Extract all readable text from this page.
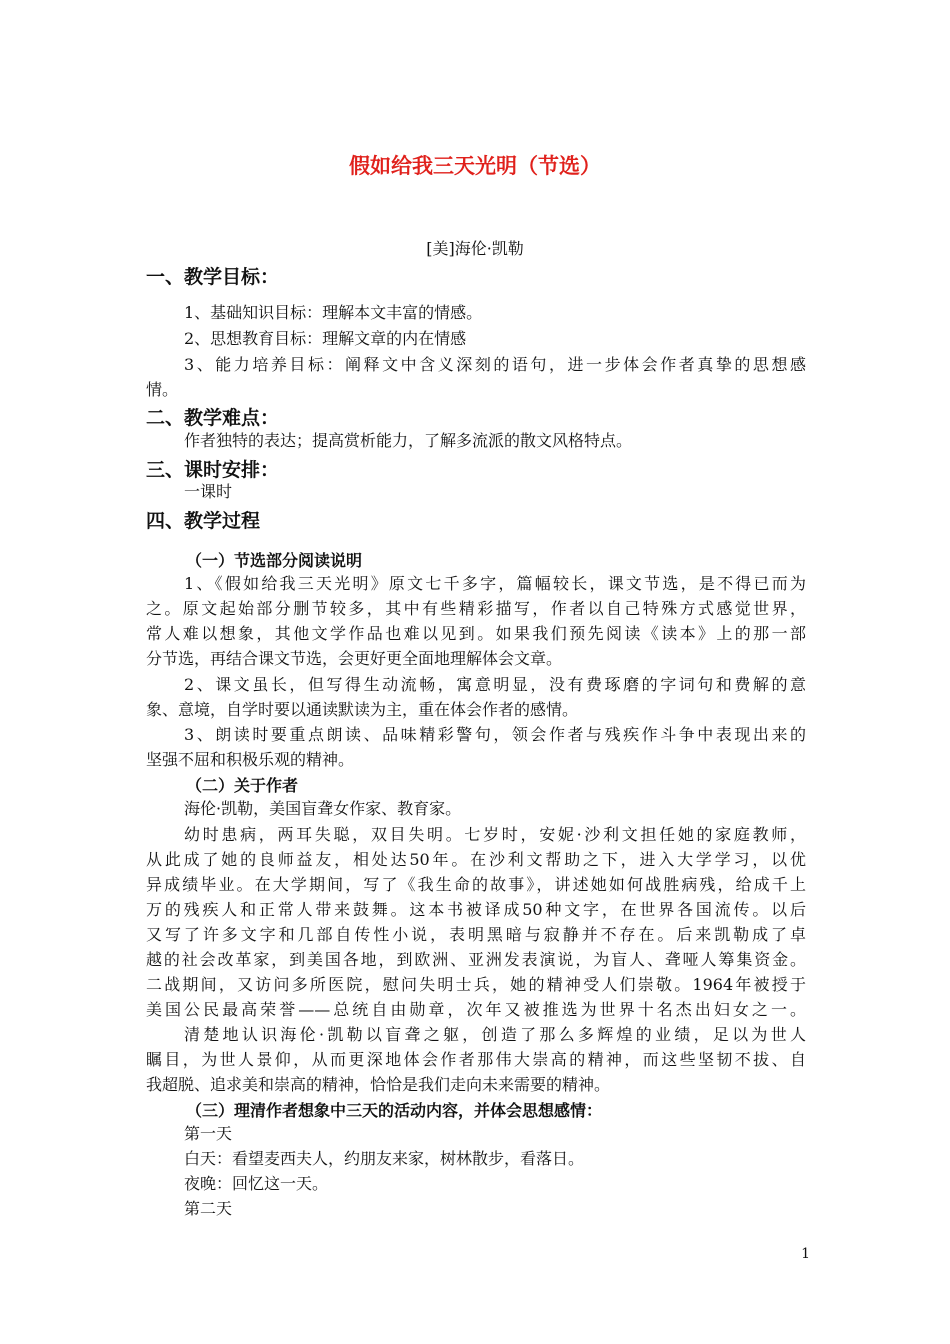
假如给我三天光明（节选）
[美]海伦·凯勒
一、教学目标：
1、基础知识目标：理解本文丰富的情感。
2、思想教育目标：理解文章的内在情感
3、能力培养目标：阐释文中含义深刻的语句，进一步体会作者真挚的思想感
情。
二、教学难点：
作者独特的表达；提高赏析能力，了解多流派的散文风格特点。
三、课时安排：
一课时
四、教学过程
（一）节选部分阅读说明
1、《假如给我三天光明》原文七千多字，篇幅较长，课文节选，是不得已而为
之。原文起始部分删节较多，其中有些精彩描写，作者以自己特殊方式感觉世界，
常人难以想象，其他文学作品也难以见到。如果我们预先阅读《读本》上的那一部
分节选，再结合课文节选，会更好更全面地理解体会文章。
2、课文虽长，但写得生动流畅，寓意明显，没有费琢磨的字词句和费解的意
象、意境，自学时要以通读默读为主，重在体会作者的感情。
3、朗读时要重点朗读、品味精彩警句，领会作者与残疾作斗争中表现出来的
坚强不屈和积极乐观的精神。
（二）关于作者
海伦·凯勒，美国盲聋女作家、教育家。
幼时患病，两耳失聪，双目失明。七岁时，安妮·沙利文担任她的家庭教师，
从此成了她的良师益友，相处达50年。在沙利文帮助之下，进入大学学习，以优
异成绩毕业。在大学期间，写了《我生命的故事》，讲述她如何战胜病残，给成千上
万的残疾人和正常人带来鼓舞。这本书被译成50种文字，在世界各国流传。以后
又写了许多文字和几部自传性小说，表明黑暗与寂静并不存在。后来凯勒成了卓
越的社会改革家，到美国各地，到欧洲、亚洲发表演说，为盲人、聋哑人筹集资金。
二战期间，又访问多所医院，慰问失明士兵，她的精神受人们崇敬。1964年被授于
美国公民最高荣誉——总统自由勋章，次年又被推选为世界十名杰出妇女之一。
清楚地认识海伦·凯勒以盲聋之躯，创造了那么多辉煌的业绩，足以为世人
瞩目，为世人景仰，从而更深地体会作者那伟大崇高的精神，而这些坚韧不拔、自
我超脱、追求美和崇高的精神，恰恰是我们走向未来需要的精神。
（三）理清作者想象中三天的活动内容，并体会思想感情：
第一天
白天：看望麦西夫人，约朋友来家，树林散步，看落日。
夜晚：回忆这一天。
第二天
1
